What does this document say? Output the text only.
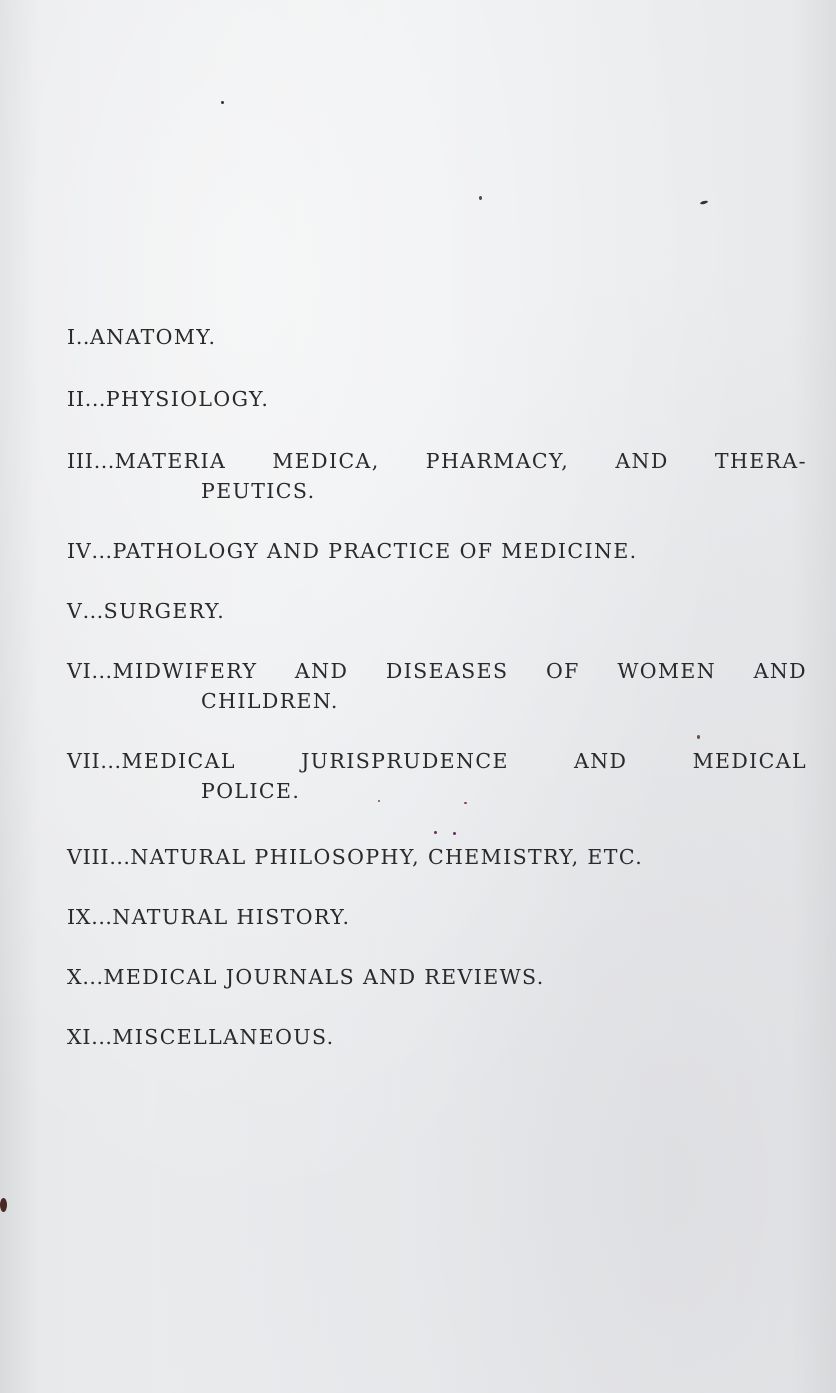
I..ANATOMY.
II...PHYSIOLOGY.
III...MATERIA MEDICA, PHARMACY, AND THERA-
PEUTICS.
IV...PATHOLOGY AND PRACTICE OF MEDICINE.
V...SURGERY.
VI...MIDWIFERY AND DISEASES OF WOMEN AND
CHILDREN.
VII...MEDICAL	JURISPRUDENCE	AND	MEDICAL
POLICE.
VIII...NATURAL PHILOSOPHY, CHEMISTRY, ETC.
IX...NATURAL HISTORY.
X...MEDICAL JOURNALS AND REVIEWS.
XI...MISCELLANEOUS.
